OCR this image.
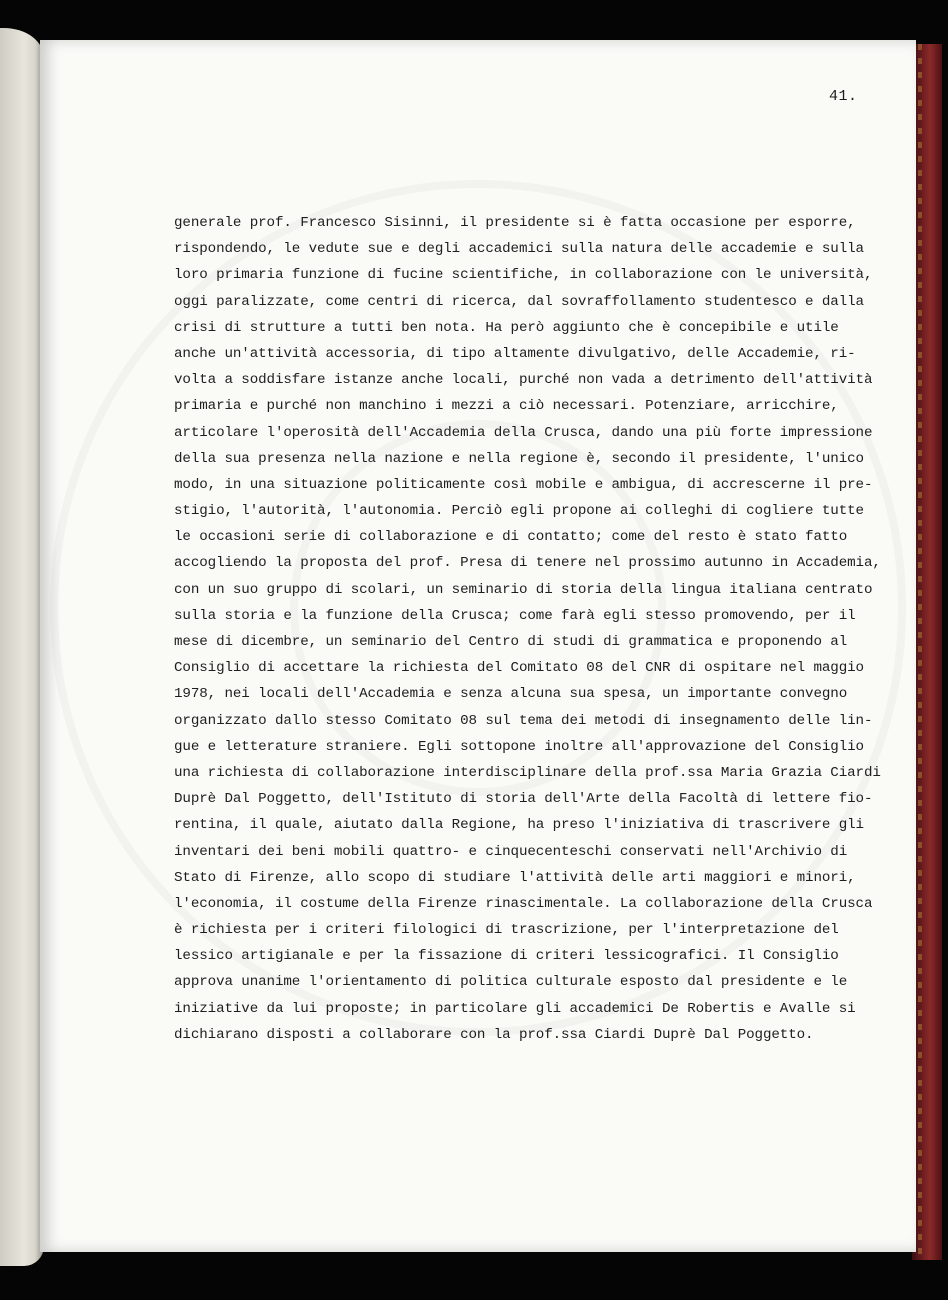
41.
generale prof. Francesco Sisinni, il presidente si è fatta occasione per esporre,
rispondendo, le vedute sue e degli accademici sulla natura delle accademie e sulla
loro primaria funzione di fucine scientifiche, in collaborazione con le università,
oggi paralizzate, come centri di ricerca, dal sovraffollamento studentesco e dalla
crisi di strutture a tutti ben nota. Ha però aggiunto che è concepibile e utile
anche un'attività accessoria, di tipo altamente divulgativo, delle Accademie, ri-
volta a soddisfare istanze anche locali, purché non vada a detrimento dell'attività
primaria e purché non manchino i mezzi a ciò necessari. Potenziare, arricchire,
articolare l'operosità dell'Accademia della Crusca, dando una più forte impressione
della sua presenza nella nazione e nella regione è, secondo il presidente, l'unico
modo, in una situazione politicamente così mobile e ambigua, di accrescerne il pre-
stigio, l'autorità, l'autonomia. Perciò egli propone ai colleghi di cogliere tutte
le occasioni serie di collaborazione e di contatto; come del resto è stato fatto
accogliendo la proposta del prof. Presa di tenere nel prossimo autunno in Accademia,
con un suo gruppo di scolari, un seminario di storia della lingua italiana centrato
sulla storia e la funzione della Crusca; come farà egli stesso promovendo, per il
mese di dicembre, un seminario del Centro di studi di grammatica e proponendo al
Consiglio di accettare la richiesta del Comitato 08 del CNR di ospitare nel maggio
1978, nei locali dell'Accademia e senza alcuna sua spesa, un importante convegno
organizzato dallo stesso Comitato 08 sul tema dei metodi di insegnamento delle lin-
gue e letterature straniere. Egli sottopone inoltre all'approvazione del Consiglio
una richiesta di collaborazione interdisciplinare della prof.ssa Maria Grazia Ciardi
Duprè Dal Poggetto, dell'Istituto di storia dell'Arte della Facoltà di lettere fio-
rentina, il quale, aiutato dalla Regione, ha preso l'iniziativa di trascrivere gli
inventari dei beni mobili quattro- e cinquecenteschi conservati nell'Archivio di
Stato di Firenze, allo scopo di studiare l'attività delle arti maggiori e minori,
l'economia, il costume della Firenze rinascimentale. La collaborazione della Crusca
è richiesta per i criteri filologici di trascrizione, per l'interpretazione del
lessico artigianale e per la fissazione di criteri lessicografici. Il Consiglio
approva unanime l'orientamento di politica culturale esposto dal presidente e le
iniziative da lui proposte; in particolare gli accademici De Robertis e Avalle si
dichiarano disposti a collaborare con la prof.ssa Ciardi Duprè Dal Poggetto.
